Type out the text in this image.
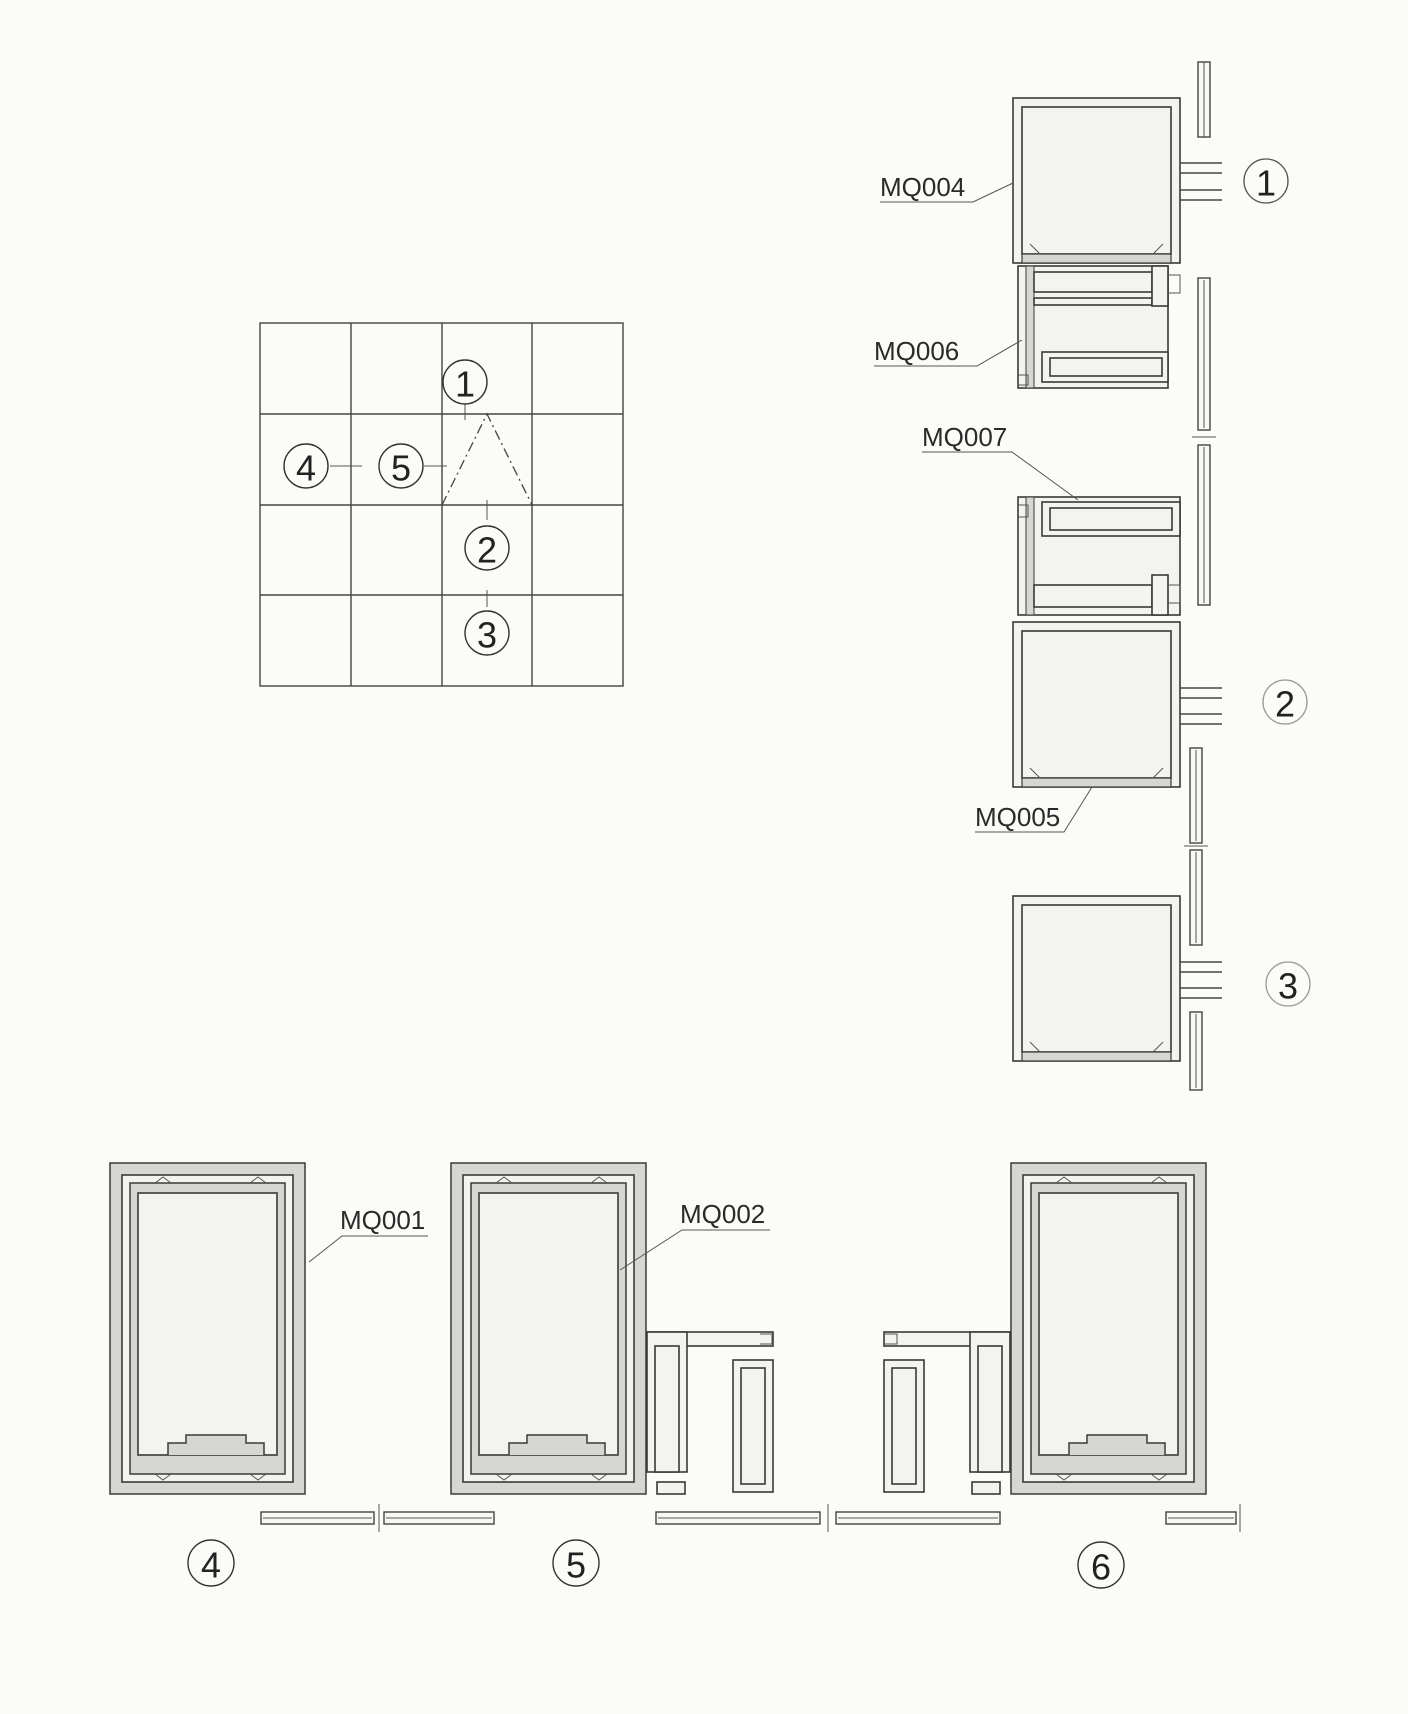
1
2
3
4 5
MQ004
MQ006
MQ007
MQ005
1
2
3
MQ001	MQ002
4	5	6
